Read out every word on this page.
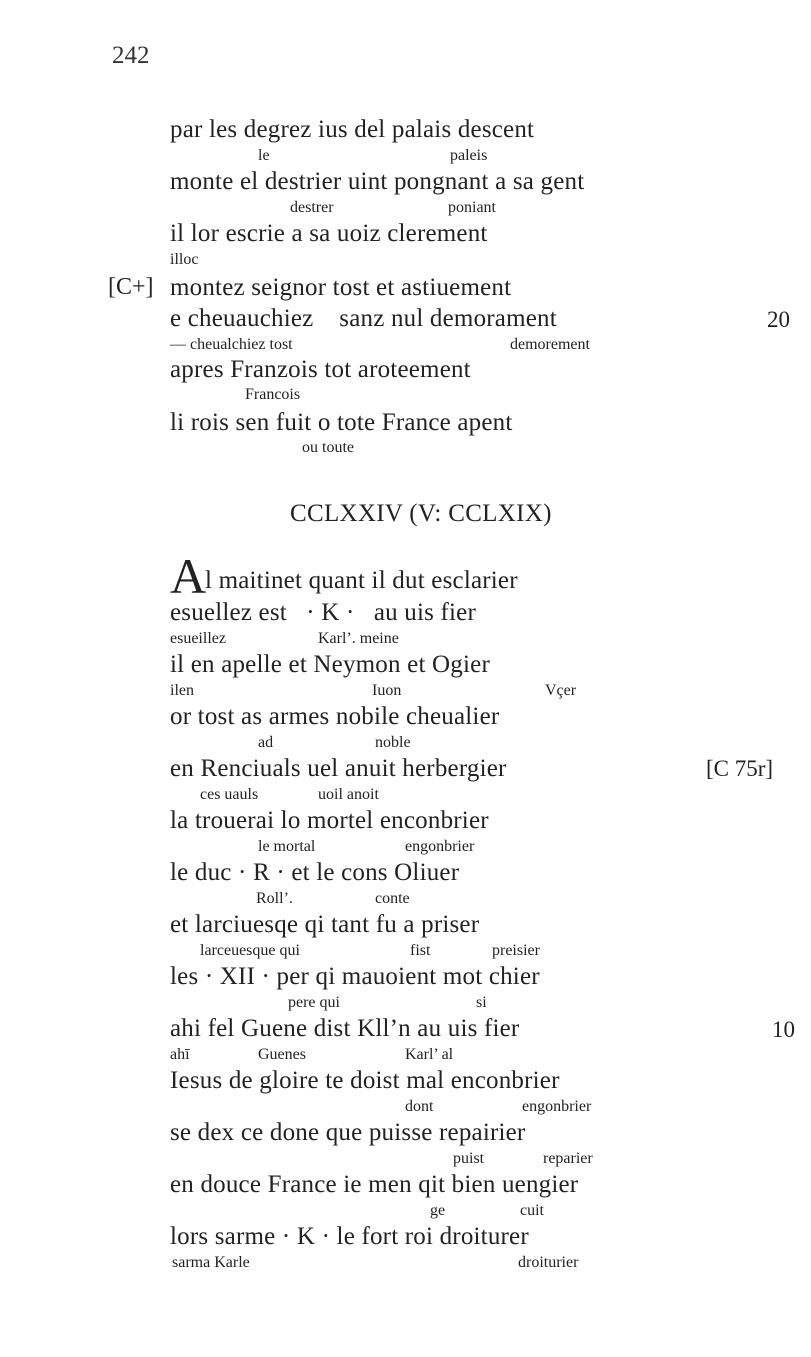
242
par les degrez ius del palais descent
le	paleis
monte el destrier uint pongnant a sa gent
destrer	poniant
il lor escrie a sa uoiz clerement
illoc
[C+] montez seignor tost et astiuement
e cheuauchiez    sanz nul demorament	20
— cheualchiez tost	demorement
apres Franzois tot aroteement
Francois
li rois sen fuit o tote France apent
ou toute
CCLXXIV (V: CCLXIX)
A
l maitinet quant il dut esclarier
esuellez est   · K ·   au uis fier
esueillez	Karl’. meine
il en apelle et Neymon et Ogier
ilen	Iuon	Vçer
or tost as armes nobile cheualier
ad	noble
en Renciuals uel anuit herbergier	[C 75r]
ces uauls	uoil anoit
la trouerai lo mortel enconbrier
le mortal	engonbrier
le duc · R · et le cons Oliuer
Roll’.	conte
et larciuesqe qi tant fu a priser
larceuesque qui	fist	preisier
les · XII · per qi mauoient mot chier
pere qui	si
ahi fel Guene dist Kll’n au uis fier	10
ahī	Guenes	Karl’ al
Iesus de gloire te doist mal enconbrier
dont	engonbrier
se dex ce done que puisse repairier
puist	reparier
en douce France ie men qit bien uengier
ge	cuit
lors sarme · K · le fort roi droiturer
sarma Karle	droiturier
